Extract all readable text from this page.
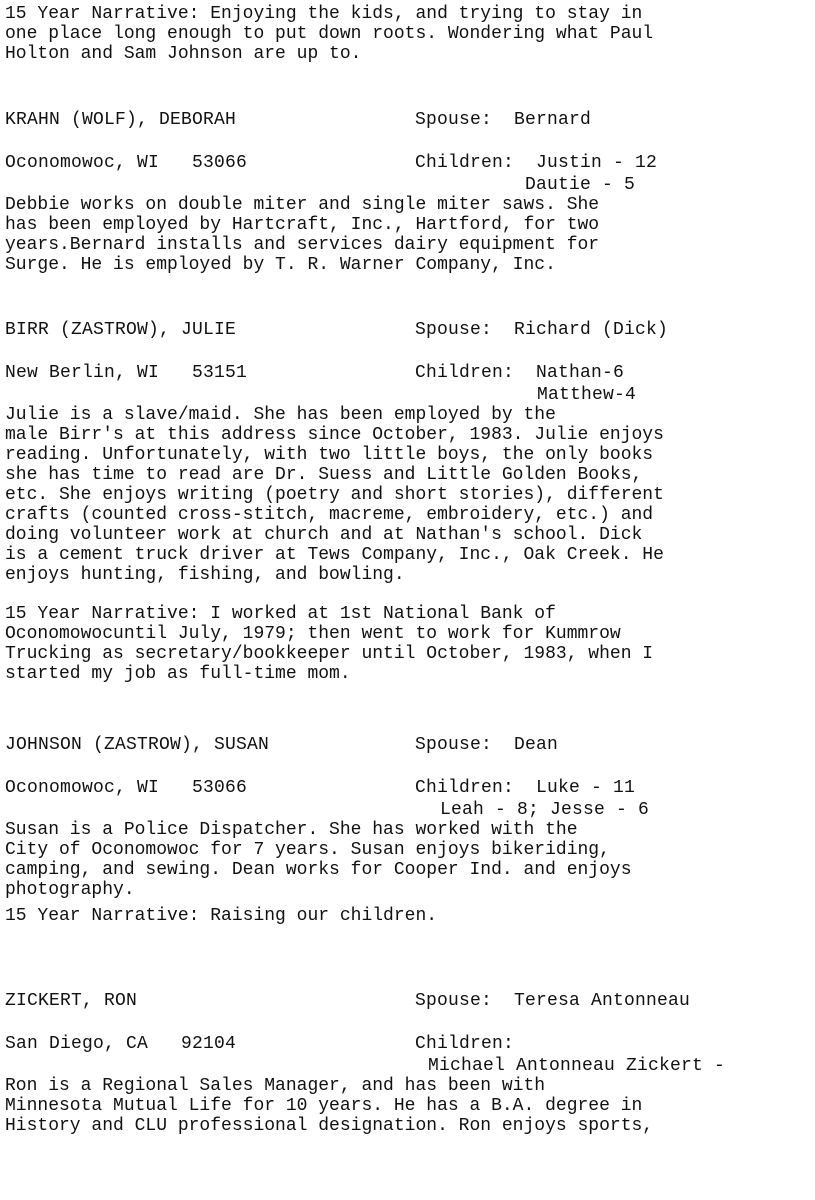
15 Year Narrative: Enjoying the kids, and trying to stay in
one place long enough to put down roots. Wondering what Paul
Holton and Sam Johnson are up to.
KRAHN (WOLF), DEBORAH	Spouse:  Bernard
Oconomowoc, WI   53066	Children:  Justin - 12
Dautie - 5
Debbie works on double miter and single miter saws. She
has been employed by Hartcraft, Inc., Hartford, for two
years.Bernard installs and services dairy equipment for
Surge. He is employed by T. R. Warner Company, Inc.
BIRR (ZASTROW), JULIE	Spouse:  Richard (Dick)
New Berlin, WI   53151	Children:  Nathan-6
Matthew-4
Julie is a slave/maid. She has been employed by the
male Birr's at this address since October, 1983. Julie enjoys
reading. Unfortunately, with two little boys, the only books
she has time to read are Dr. Suess and Little Golden Books,
etc. She enjoys writing (poetry and short stories), different
crafts (counted cross-stitch, macreme, embroidery, etc.) and
doing volunteer work at church and at Nathan's school. Dick
is a cement truck driver at Tews Company, Inc., Oak Creek. He
enjoys hunting, fishing, and bowling.
15 Year Narrative: I worked at 1st National Bank of
Oconomowocuntil July, 1979; then went to work for Kummrow
Trucking as secretary/bookkeeper until October, 1983, when I
started my job as full-time mom.
JOHNSON (ZASTROW), SUSAN	Spouse:  Dean
Oconomowoc, WI   53066	Children:  Luke - 11
Leah - 8; Jesse - 6
Susan is a Police Dispatcher. She has worked with the
City of Oconomowoc for 7 years. Susan enjoys bikeriding,
camping, and sewing. Dean works for Cooper Ind. and enjoys
photography.
15 Year Narrative: Raising our children.
ZICKERT, RON	Spouse:  Teresa Antonneau
San Diego, CA   92104	Children:
Michael Antonneau Zickert -
Ron is a Regional Sales Manager, and has been with
Minnesota Mutual Life for 10 years. He has a B.A. degree in
History and CLU professional designation. Ron enjoys sports,
